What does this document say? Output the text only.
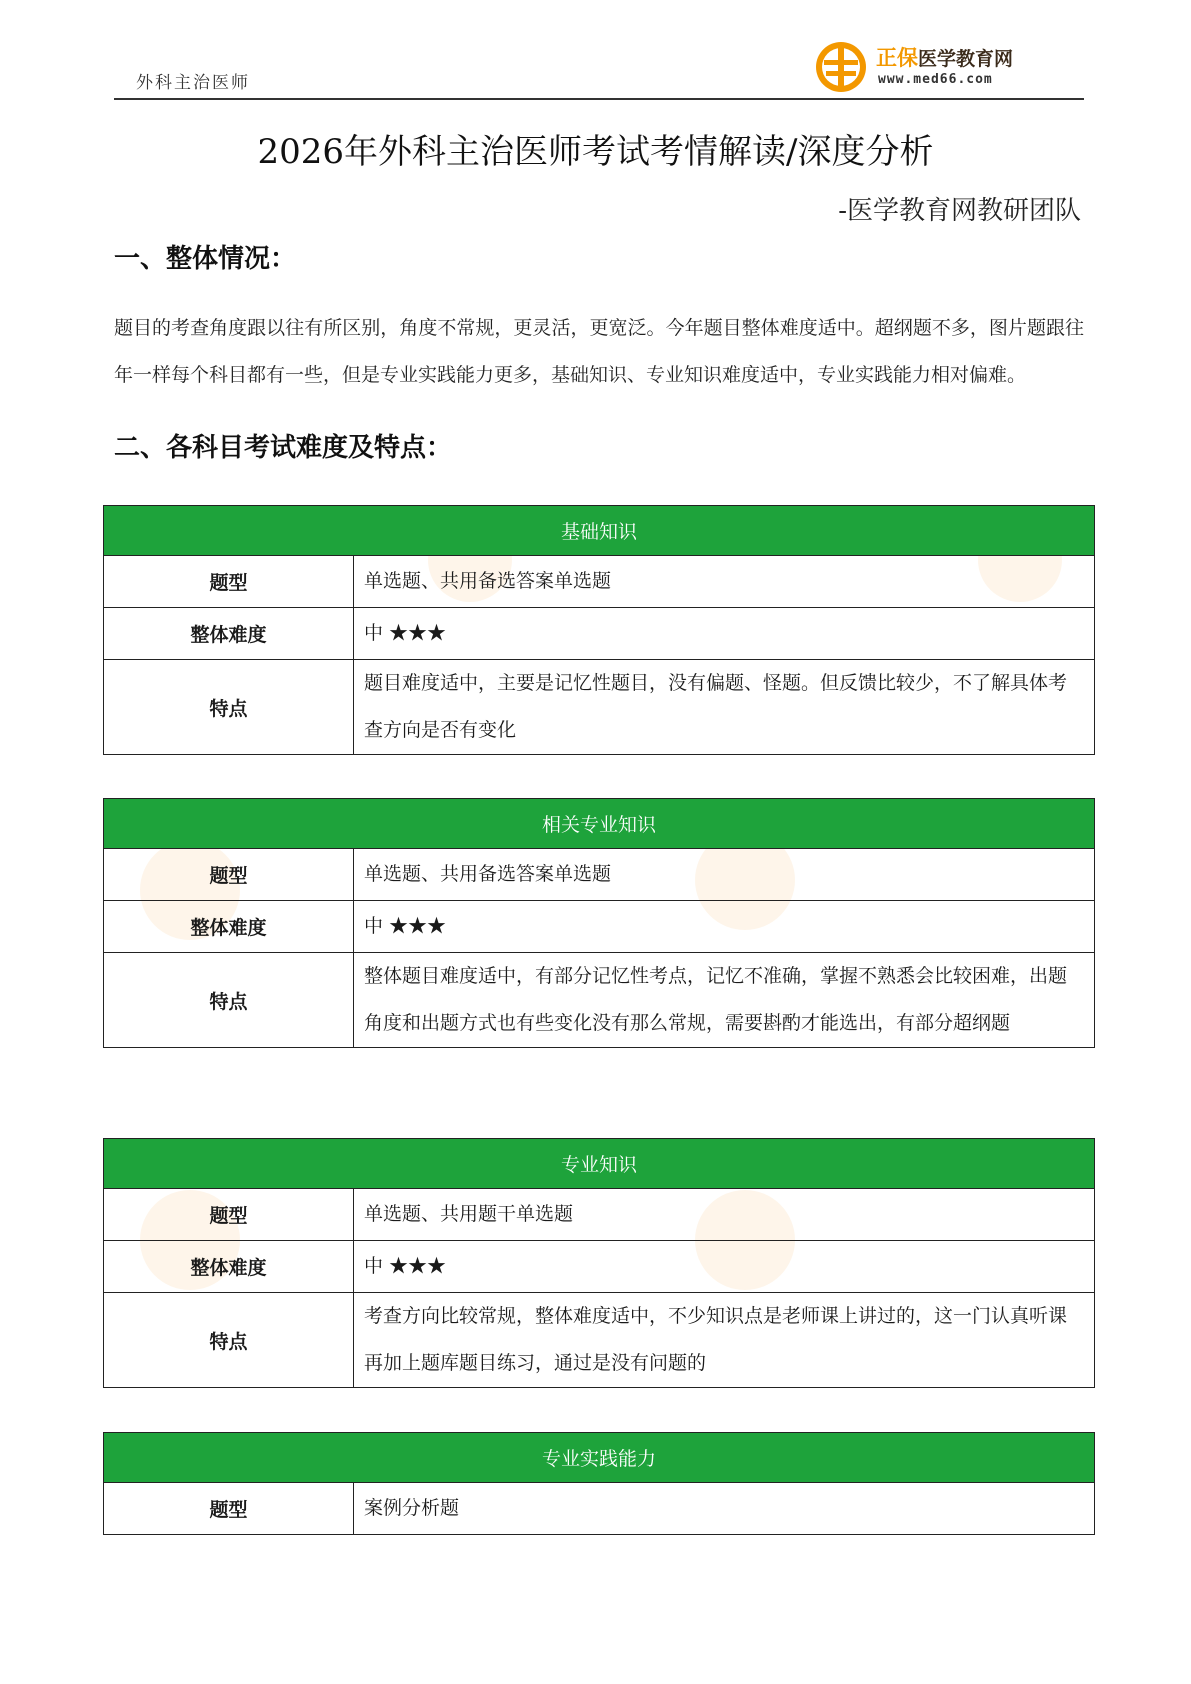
外科主治医师
正保医学教育网
www.med66.com
2026年外科主治医师考试考情解读/深度分析
-医学教育网教研团队
一、整体情况：

题目的考查角度跟以往有所区别，角度不常规，更灵活，更宽泛。今年题目整体难度适中。超纲题不多，图片题跟往年一样每个科目都有一些，但是专业实践能力更多，基础知识、专业知识难度适中，专业实践能力相对偏难。

二、各科目考试难度及特点：
基础知识	
题型	单选题、共用备选答案单选题
整体难度	中 ★★★
特点	题目难度适中，主要是记忆性题目，没有偏题、怪题。但反馈比较少，不了解具体考查方向是否有变化
相关专业知识	
题型	单选题、共用备选答案单选题
整体难度	中 ★★★
特点	整体题目难度适中，有部分记忆性考点，记忆不准确，掌握不熟悉会比较困难，出题角度和出题方式也有些变化没有那么常规，需要斟酌才能选出，有部分超纲题
专业知识	
题型	单选题、共用题干单选题
整体难度	中 ★★★
特点	考查方向比较常规，整体难度适中，不少知识点是老师课上讲过的，这一门认真听课再加上题库题目练习，通过是没有问题的
专业实践能力
题型	案例分析题
